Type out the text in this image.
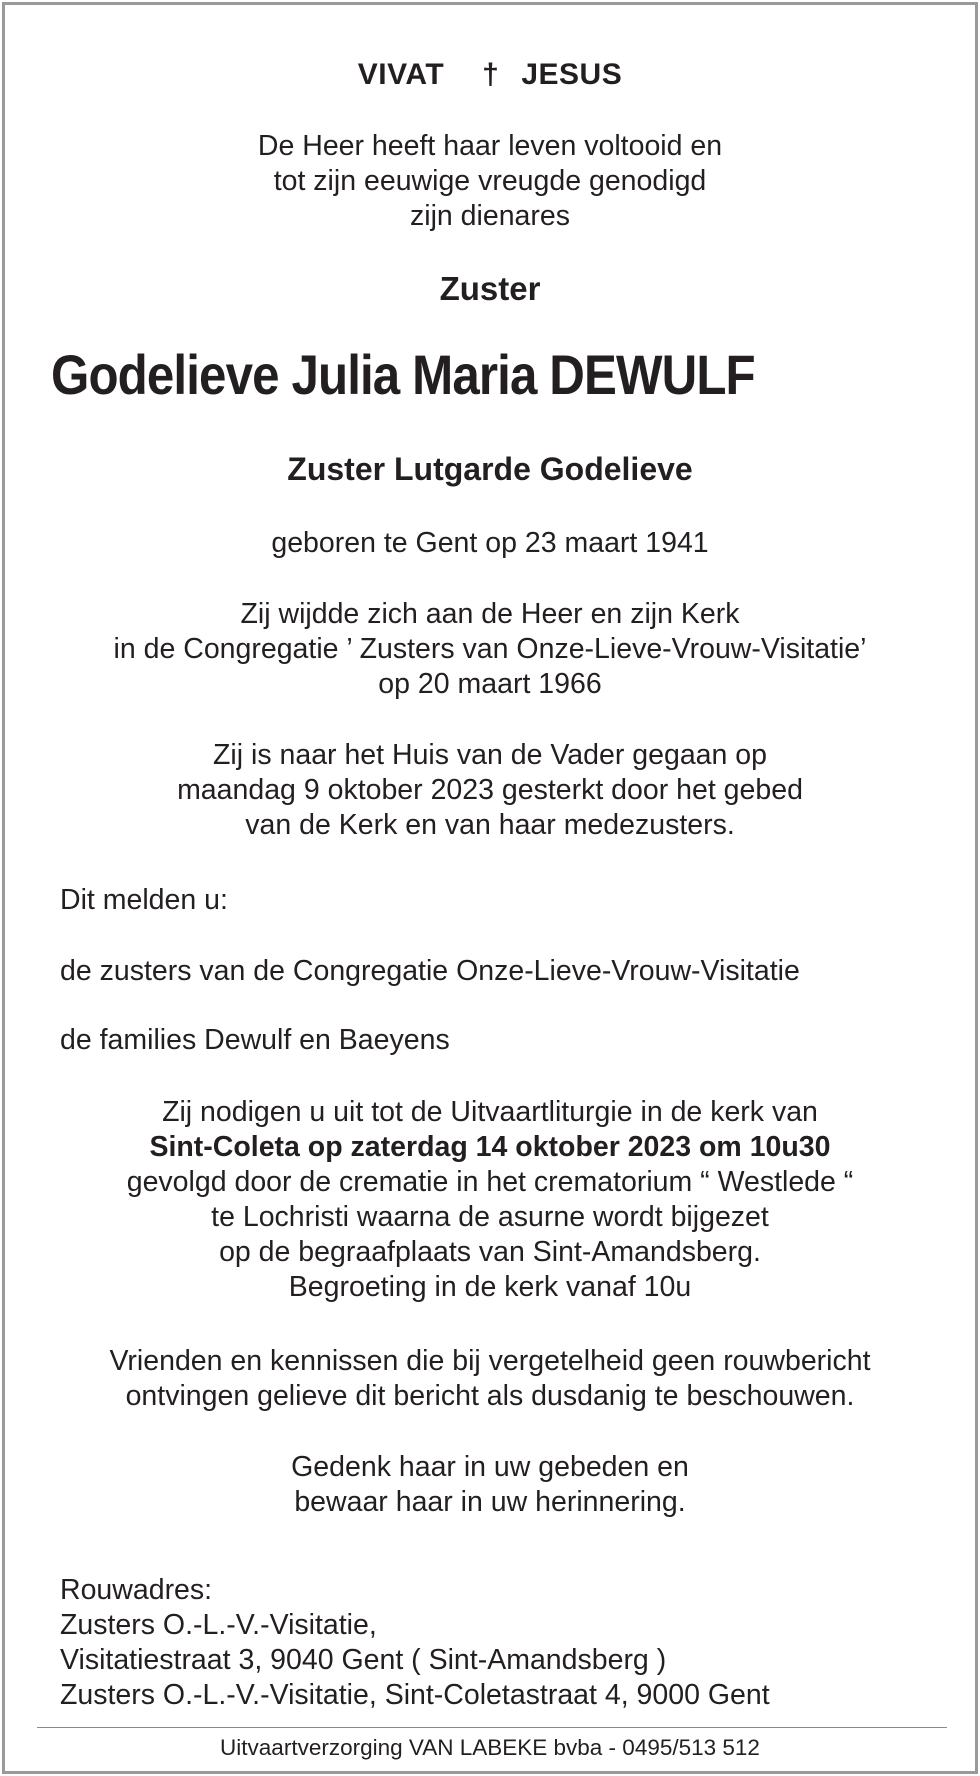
VIVAT † JESUS
De Heer heeft haar leven voltooid en
tot zijn eeuwige vreugde genodigd
zijn dienares
Zuster
Godelieve Julia Maria DEWULF
Zuster Lutgarde Godelieve
geboren te Gent op 23 maart 1941
Zij wijdde zich aan de Heer en zijn Kerk
in de Congregatie ’ Zusters van Onze-Lieve-Vrouw-Visitatie’
op 20 maart 1966
Zij is naar het Huis van de Vader gegaan op
maandag 9 oktober 2023 gesterkt door het gebed
van de Kerk en van haar medezusters.
Dit melden u:
de zusters van de Congregatie Onze-Lieve-Vrouw-Visitatie
de families Dewulf en Baeyens
Zij nodigen u uit tot de Uitvaartliturgie in de kerk van
Sint-Coleta op zaterdag 14 oktober 2023 om 10u30
gevolgd door de crematie in het crematorium “ Westlede “
te Lochristi waarna de asurne wordt bijgezet
op de begraafplaats van Sint-Amandsberg.
Begroeting in de kerk vanaf 10u
Vrienden en kennissen die bij vergetelheid geen rouwbericht
ontvingen gelieve dit bericht als dusdanig te beschouwen.
Gedenk haar in uw gebeden en
bewaar haar in uw herinnering.
Rouwadres:
Zusters O.-L.-V.-Visitatie,
Visitatiestraat 3, 9040 Gent ( Sint-Amandsberg )
Zusters O.-L.-V.-Visitatie, Sint-Coletastraat 4, 9000 Gent
Uitvaartverzorging VAN LABEKE bvba - 0495/513 512
